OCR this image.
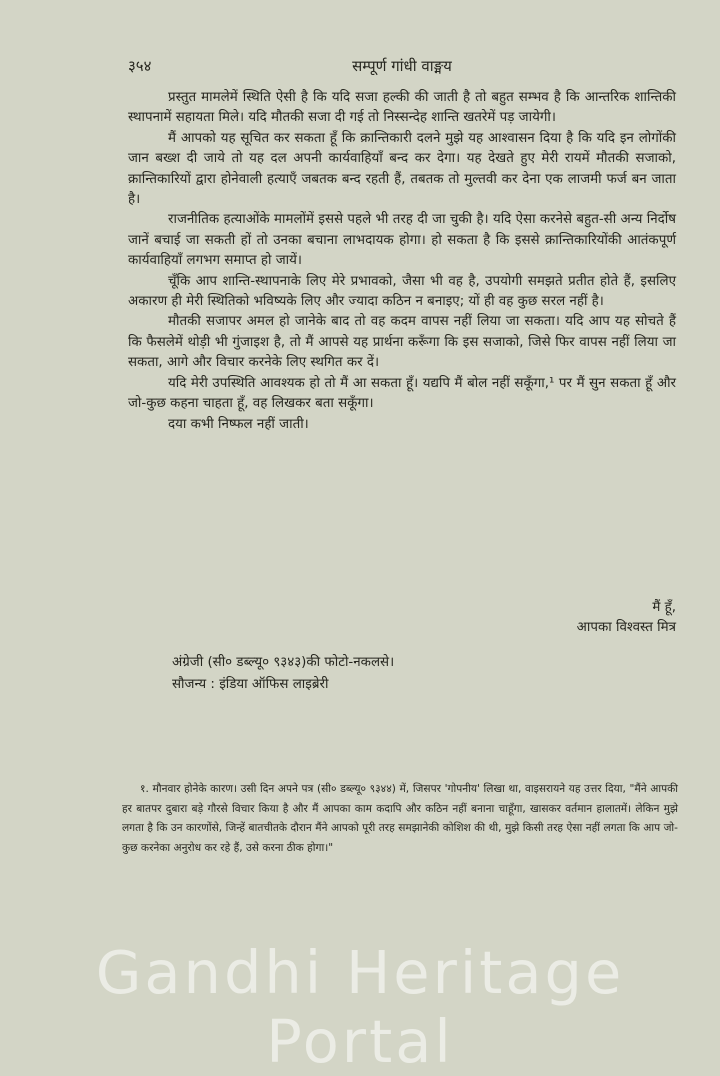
३५४	सम्पूर्ण गांधी वाङ्मय

प्रस्तुत मामलेमें स्थिति ऐसी है कि यदि सजा हल्की की जाती है तो बहुत सम्भव है कि आन्तरिक शान्तिकी स्थापनामें सहायता मिले। यदि मौतकी सजा दी गई तो निस्सन्देह शान्ति खतरेमें पड़ जायेगी।

मैं आपको यह सूचित कर सकता हूँ कि क्रान्तिकारी दलने मुझे यह आश्वासन दिया है कि यदि इन लोगोंकी जान बख्श दी जाये तो यह दल अपनी कार्यवाहियाँ बन्द कर देगा। यह देखते हुए मेरी रायमें मौतकी सजाको, क्रान्तिकारियों द्वारा होनेवाली हत्याएँ जबतक बन्द रहती हैं, तबतक तो मुल्तवी कर देना एक लाजमी फर्ज बन जाता है।

राजनीतिक हत्याओंके मामलोंमें इससे पहले भी तरह दी जा चुकी है। यदि ऐसा करनेसे बहुत-सी अन्य निर्दोष जानें बचाई जा सकती हों तो उनका बचाना लाभदायक होगा। हो सकता है कि इससे क्रान्तिकारियोंकी आतंकपूर्ण कार्यवाहियाँ लगभग समाप्त हो जायें।

चूँकि आप शान्ति-स्थापनाके लिए मेरे प्रभावको, जैसा भी वह है, उपयोगी समझते प्रतीत होते हैं, इसलिए अकारण ही मेरी स्थितिको भविष्यके लिए और ज्यादा कठिन न बनाइए; यों ही वह कुछ सरल नहीं है।

मौतकी सजापर अमल हो जानेके बाद तो वह कदम वापस नहीं लिया जा सकता। यदि आप यह सोचते हैं कि फैसलेमें थोड़ी भी गुंजाइश है, तो मैं आपसे यह प्रार्थना करूँगा कि इस सजाको, जिसे फिर वापस नहीं लिया जा सकता, आगे और विचार करनेके लिए स्थगित कर दें।

यदि मेरी उपस्थिति आवश्यक हो तो मैं आ सकता हूँ। यद्यपि मैं बोल नहीं सकूँगा,¹ पर मैं सुन सकता हूँ और जो-कुछ कहना चाहता हूँ, वह लिखकर बता सकूँगा।

दया कभी निष्फल नहीं जाती।

मैं हूँ,
आपका विश्वस्त मित्र
अंग्रेजी (सी० डब्ल्यू० ९३४३)की फोटो-नकलसे।
सौजन्य : इंडिया ऑफिस लाइब्रेरी
१. मौनवार होनेके कारण। उसी दिन अपने पत्र (सी० डब्ल्यू० ९३४४) में, जिसपर 'गोपनीय' लिखा था, वाइसरायने यह उत्तर दिया, "मैंने आपकी हर बातपर दुबारा बड़े गौरसे विचार किया है और मैं आपका काम कदापि और कठिन नहीं बनाना चाहूँगा, खासकर वर्तमान हालातमें। लेकिन मुझे लगता है कि उन कारणोंसे, जिन्हें बातचीतके दौरान मैंने आपको पूरी तरह समझानेकी कोशिश की थी, मुझे किसी तरह ऐसा नहीं लगता कि आप जो-कुछ करनेका अनुरोध कर रहे हैं, उसे करना ठीक होगा।"
Gandhi Heritage Portal
